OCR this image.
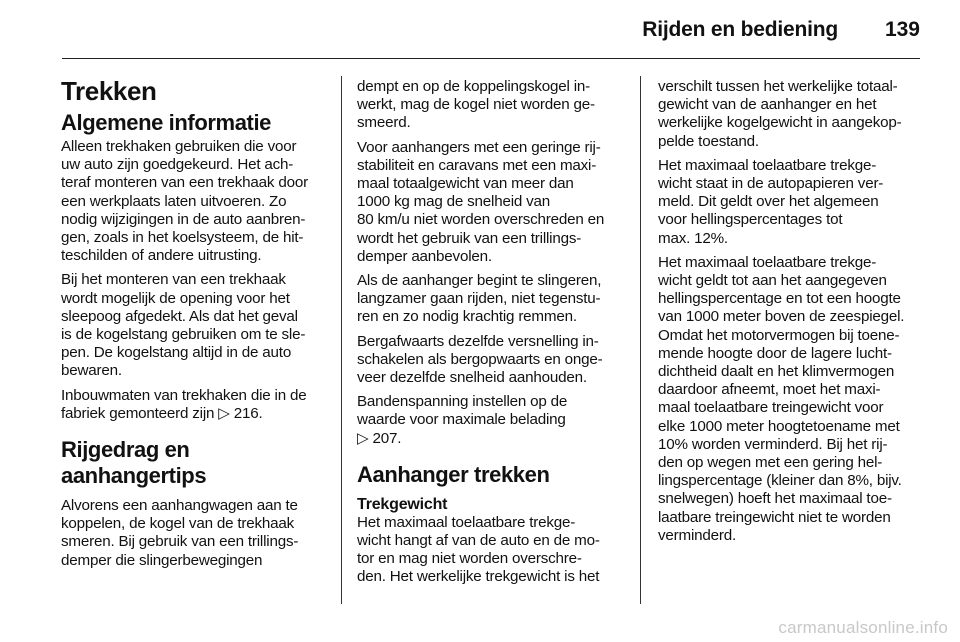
Rijden en bediening 139
Trekken
Algemene informatie

Alleen trekhaken gebruiken die voor
uw auto zijn goedgekeurd. Het ach-
teraf monteren van een trekhaak door
een werkplaats laten uitvoeren. Zo
nodig wijzigingen in de auto aanbren-
gen, zoals in het koelsysteem, de hit-
teschilden of andere uitrusting.

Bij het monteren van een trekhaak
wordt mogelijk de opening voor het
sleepoog afgedekt. Als dat het geval
is de kogelstang gebruiken om te sle-
pen. De kogelstang altijd in de auto
bewaren.

Inbouwmaten van trekhaken die in de
fabriek gemonteerd zijn ▷ 216.

Rijgedrag en
aanhangertips

Alvorens een aanhangwagen aan te
koppelen, de kogel van de trekhaak
smeren. Bij gebruik van een trillings-
demper die slingerbewegingen

dempt en op de koppelingskogel in-
werkt, mag de kogel niet worden ge-
smeerd.

Voor aanhangers met een geringe rij-
stabiliteit en caravans met een maxi-
maal totaalgewicht van meer dan
1000 kg mag de snelheid van
80 km/u niet worden overschreden en
wordt het gebruik van een trillings-
demper aanbevolen.

Als de aanhanger begint te slingeren,
langzamer gaan rijden, niet tegenstu-
ren en zo nodig krachtig remmen.

Bergafwaarts dezelfde versnelling in-
schakelen als bergopwaarts en onge-
veer dezelfde snelheid aanhouden.

Bandenspanning instellen op de
waarde voor maximale belading
▷ 207.

Aanhanger trekken
Trekgewicht

Het maximaal toelaatbare trekge-
wicht hangt af van de auto en de mo-
tor en mag niet worden overschre-
den. Het werkelijke trekgewicht is het

verschilt tussen het werkelijke totaal-
gewicht van de aanhanger en het
werkelijke kogelgewicht in aangekop-
pelde toestand.

Het maximaal toelaatbare trekge-
wicht staat in de autopapieren ver-
meld. Dit geldt over het algemeen
voor hellingspercentages tot
max. 12%.

Het maximaal toelaatbare trekge-
wicht geldt tot aan het aangegeven
hellingspercentage en tot een hoogte
van 1000 meter boven de zeespiegel.
Omdat het motorvermogen bij toene-
mende hoogte door de lagere lucht-
dichtheid daalt en het klimvermogen
daardoor afneemt, moet het maxi-
maal toelaatbare treingewicht voor
elke 1000 meter hoogtetoename met
10% worden verminderd. Bij het rij-
den op wegen met een gering hel-
lingspercentage (kleiner dan 8%, bijv.
snelwegen) hoeft het maximaal toe-
laatbare treingewicht niet te worden
verminderd.

carmanualsonline.info
